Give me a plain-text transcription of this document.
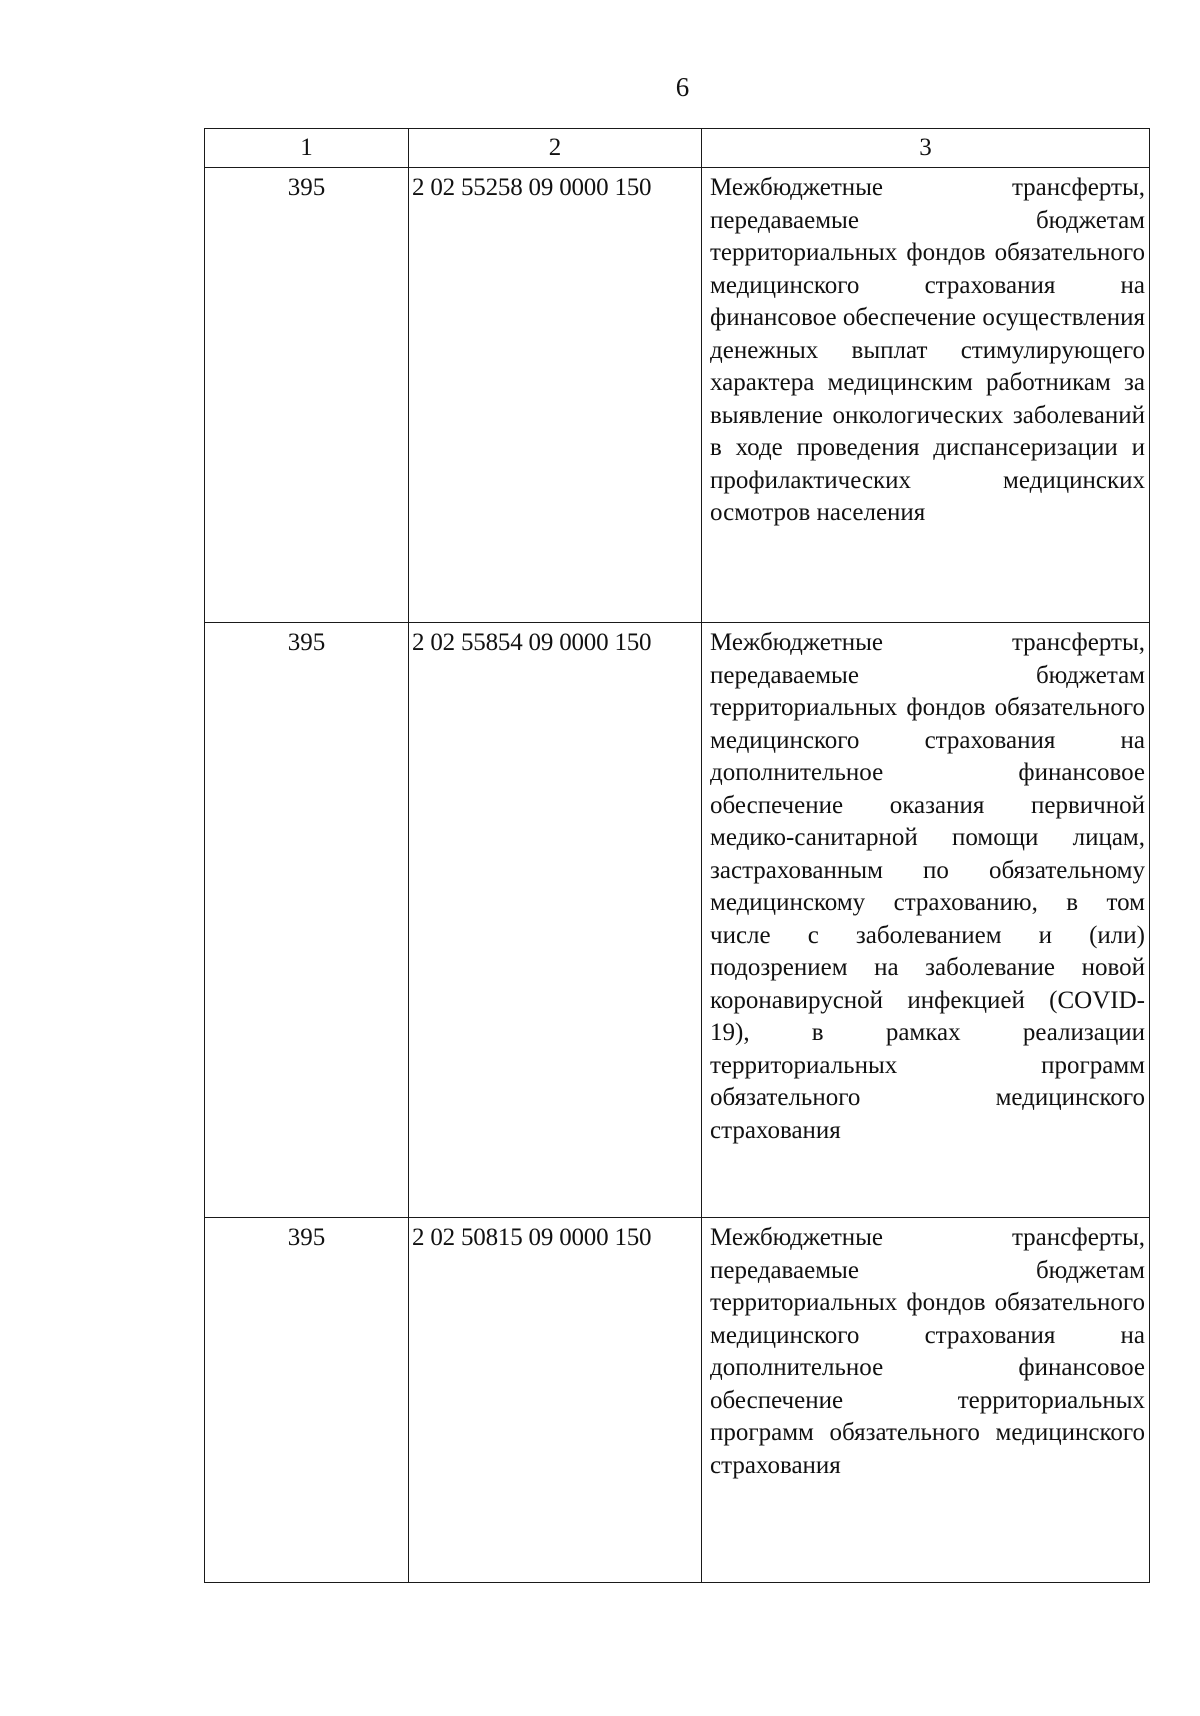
6
1	2	3
395	2 02 55258 09 0000 150	Межбюджетные трансферты, передаваемые бюджетам территориальных фондов обязательного медицинского страхования на финансовое обеспечение осуществления денежных выплат стимулирующего характера медицинским работникам за выявление онкологических заболеваний в ходе проведения диспансеризации и профилактических медицинских осмотров населения
395	2 02 55854 09 0000 150	Межбюджетные трансферты, передаваемые бюджетам территориальных фондов обязательного медицинского страхования на дополнительное финансовое обеспечение оказания первичной медико-санитарной помощи лицам, застрахованным по обязательному медицинскому страхованию, в том числе с заболеванием и (или) подозрением на заболевание новой коронавирусной инфекцией (COVID-19), в рамках реализации территориальных программ обязательного медицинского страхования
395	2 02 50815 09 0000 150	Межбюджетные трансферты, передаваемые бюджетам территориальных фондов обязательного медицинского страхования на дополнительное финансовое обеспечение территориальных программ обязательного медицинского страхования
